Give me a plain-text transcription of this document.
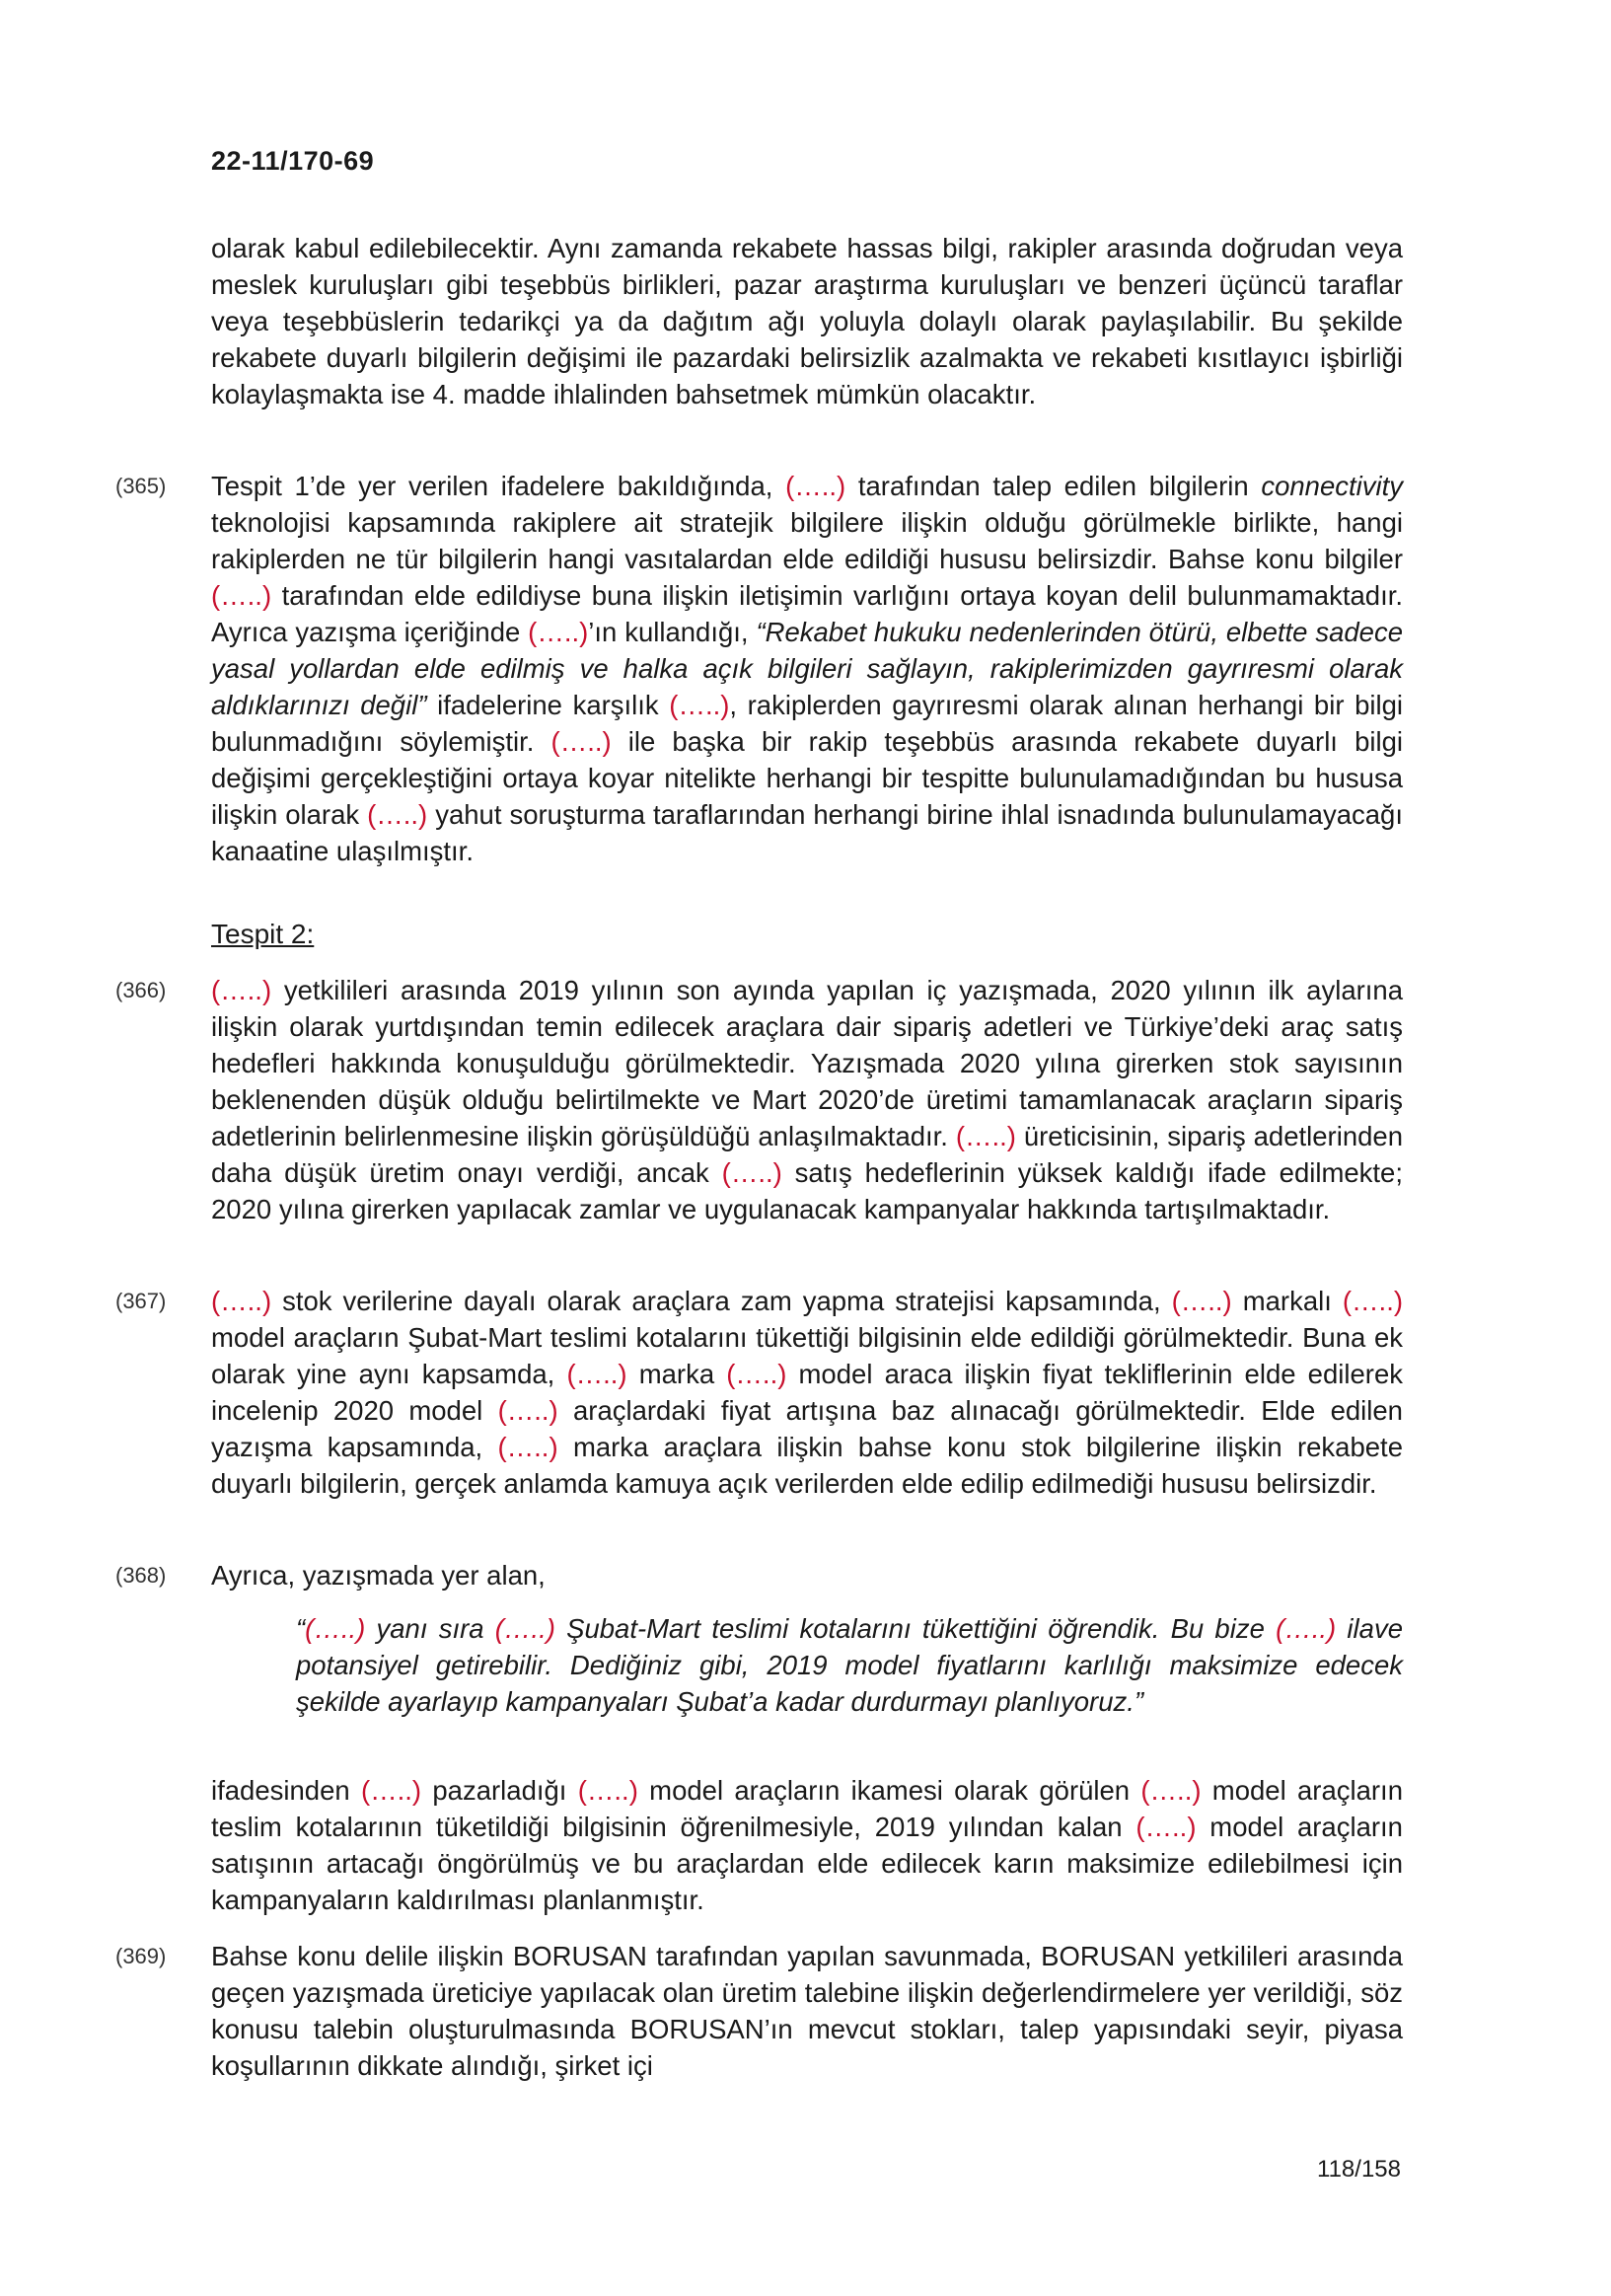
22-11/170-69
olarak kabul edilebilecektir. Aynı zamanda rekabete hassas bilgi, rakipler arasında doğrudan veya meslek kuruluşları gibi teşebbüs birlikleri, pazar araştırma kuruluşları ve benzeri üçüncü taraflar veya teşebbüslerin tedarikçi ya da dağıtım ağı yoluyla dolaylı olarak paylaşılabilir. Bu şekilde rekabete duyarlı bilgilerin değişimi ile pazardaki belirsizlik azalmakta ve rekabeti kısıtlayıcı işbirliği kolaylaşmakta ise 4. madde ihlalinden bahsetmek mümkün olacaktır.
(365) Tespit 1’de yer verilen ifadelere bakıldığında, (…..) tarafından talep edilen bilgilerin connectivity teknolojisi kapsamında rakiplere ait stratejik bilgilere ilişkin olduğu görülmekle birlikte, hangi rakiplerden ne tür bilgilerin hangi vasıtalardan elde edildiği hususu belirsizdir. Bahse konu bilgiler (…..) tarafından elde edildiyse buna ilişkin iletişimin varlığını ortaya koyan delil bulunmamaktadır. Ayrıca yazışma içeriğinde (…..)’ın kullandığı, “Rekabet hukuku nedenlerinden ötürü, elbette sadece yasal yollardan elde edilmiş ve halka açık bilgileri sağlayın, rakiplerimizden gayrıresmi olarak aldıklarınızı değil” ifadelerine karşılık (…..), rakiplerden gayrıresmi olarak alınan herhangi bir bilgi bulunmadığını söylemiştir. (…..) ile başka bir rakip teşebbüs arasında rekabete duyarlı bilgi değişimi gerçekleştiğini ortaya koyar nitelikte herhangi bir tespitte bulunulamadığından bu hususa ilişkin olarak (…..) yahut soruşturma taraflarından herhangi birine ihlal isnadında bulunulamayacağı kanaatine ulaşılmıştır.
Tespit 2:
(366) (…..) yetkilileri arasında 2019 yılının son ayında yapılan iç yazışmada, 2020 yılının ilk aylarına ilişkin olarak yurtdışından temin edilecek araçlara dair sipariş adetleri ve Türkiye’deki araç satış hedefleri hakkında konuşulduğu görülmektedir. Yazışmada 2020 yılına girerken stok sayısının beklenenden düşük olduğu belirtilmekte ve Mart 2020’de üretimi tamamlanacak araçların sipariş adetlerinin belirlenmesine ilişkin görüşüldüğü anlaşılmaktadır. (…..) üreticisinin, sipariş adetlerinden daha düşük üretim onayı verdiği, ancak (…..) satış hedeflerinin yüksek kaldığı ifade edilmekte; 2020 yılına girerken yapılacak zamlar ve uygulanacak kampanyalar hakkında tartışılmaktadır.
(367) (…..) stok verilerine dayalı olarak araçlara zam yapma stratejisi kapsamında, (…..) markalı (…..) model araçların Şubat-Mart teslimi kotalarını tükettiği bilgisinin elde edildiği görülmektedir. Buna ek olarak yine aynı kapsamda, (…..) marka (…..) model araca ilişkin fiyat tekliflerinin elde edilerek incelenip 2020 model (…..) araçlardaki fiyat artışına baz alınacağı görülmektedir. Elde edilen yazışma kapsamında, (…..) marka araçlara ilişkin bahse konu stok bilgilerine ilişkin rekabete duyarlı bilgilerin, gerçek anlamda kamuya açık verilerden elde edilip edilmediği hususu belirsizdir.
(368) Ayrıca, yazışmada yer alan,
“(…..) yanı sıra (…..) Şubat-Mart teslimi kotalarını tükettiğini öğrendik. Bu bize (…..) ilave potansiyel getirebilir. Dediğiniz gibi, 2019 model fiyatlarını karlılığı maksimize edecek şekilde ayarlayıp kampanyaları Şubat’a kadar durdurmayı planlıyoruz.”
ifadesinden (…..) pazarladığı (…..) model araçların ikamesi olarak görülen (…..) model araçların teslim kotalarının tüketildiği bilgisinin öğrenilmesiyle, 2019 yılından kalan (…..) model araçların satışının artacağı öngörülmüş ve bu araçlardan elde edilecek karın maksimize edilebilmesi için kampanyaların kaldırılması planlanmıştır.
(369) Bahse konu delile ilişkin BORUSAN tarafından yapılan savunmada, BORUSAN yetkilileri arasında geçen yazışmada üreticiye yapılacak olan üretim talebine ilişkin değerlendirmelere yer verildiği, söz konusu talebin oluşturulmasında BORUSAN’ın mevcut stokları, talep yapısındaki seyir, piyasa koşullarının dikkate alındığı, şirket içi
118/158
